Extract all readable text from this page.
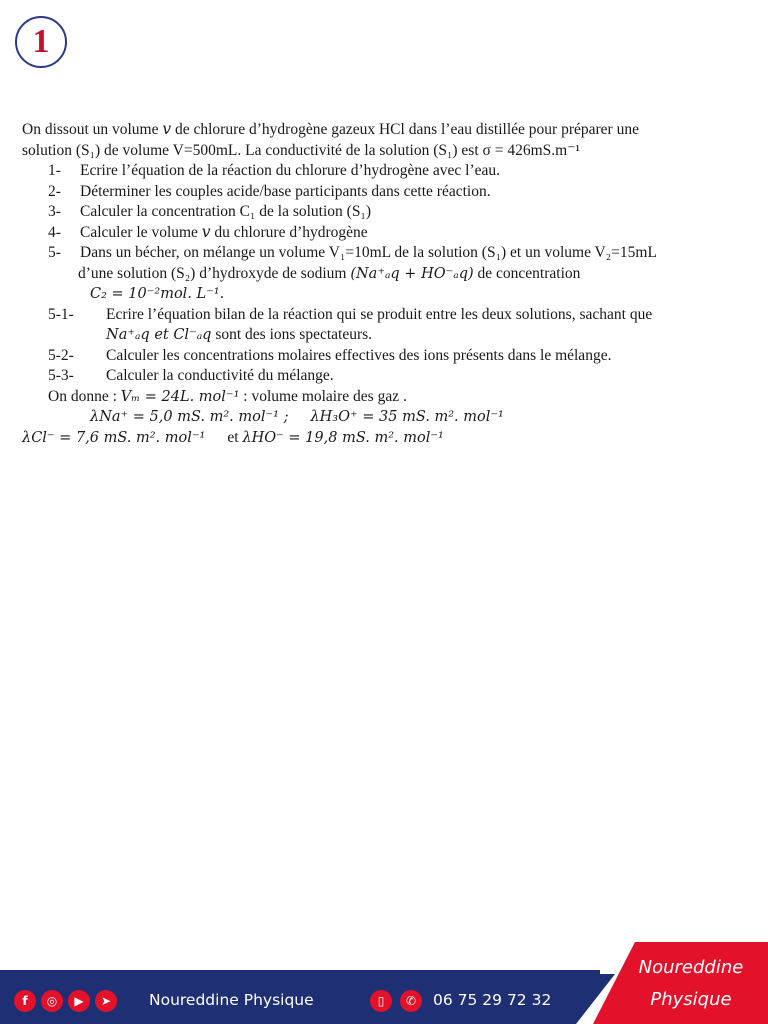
1
On dissout un volume 𝑣 de chlorure d’hydrogène gazeux HCl dans l’eau distillée pour préparer une
solution (S₁) de volume V=500mL. La conductivité de la solution (S₁) est σ = 426mS.m⁻¹
1- Ecrire l’équation de la réaction du chlorure d’hydrogène avec l’eau.
2- Déterminer les couples acide/base participants dans cette réaction.
3- Calculer la concentration C₁ de la solution (S₁)
4- Calculer le volume 𝑣 du chlorure d’hydrogène
5- Dans un bécher, on mélange un volume V₁=10mL de la solution (S₁) et un volume V₂=15mL
d’une solution (S₂) d’hydroxyde de sodium (Na⁺ₐq + HO⁻ₐq) de concentration
C₂ = 10⁻²mol. L⁻¹.
5-1- Ecrire l’équation bilan de la réaction qui se produit entre les deux solutions, sachant que
Na⁺ₐq et Cl⁻ₐq sont des ions spectateurs.
5-2- Calculer les concentrations molaires effectives des ions présents dans le mélange.
5-3- Calculer la conductivité du mélange.
On donne : Vₘ = 24L. mol⁻¹ : volume molaire des gaz .
λNa⁺ = 5,0 mS. m². mol⁻¹ ; λH₃O⁺ = 35 mS. m². mol⁻¹
λCl⁻ = 7,6 mS. m². mol⁻¹ et λHO⁻ = 19,8 mS. m². mol⁻¹
f	◎	▶	➤	Noureddine Physique	▯	✆	06 75 29 72 32
Noureddine
Physique
